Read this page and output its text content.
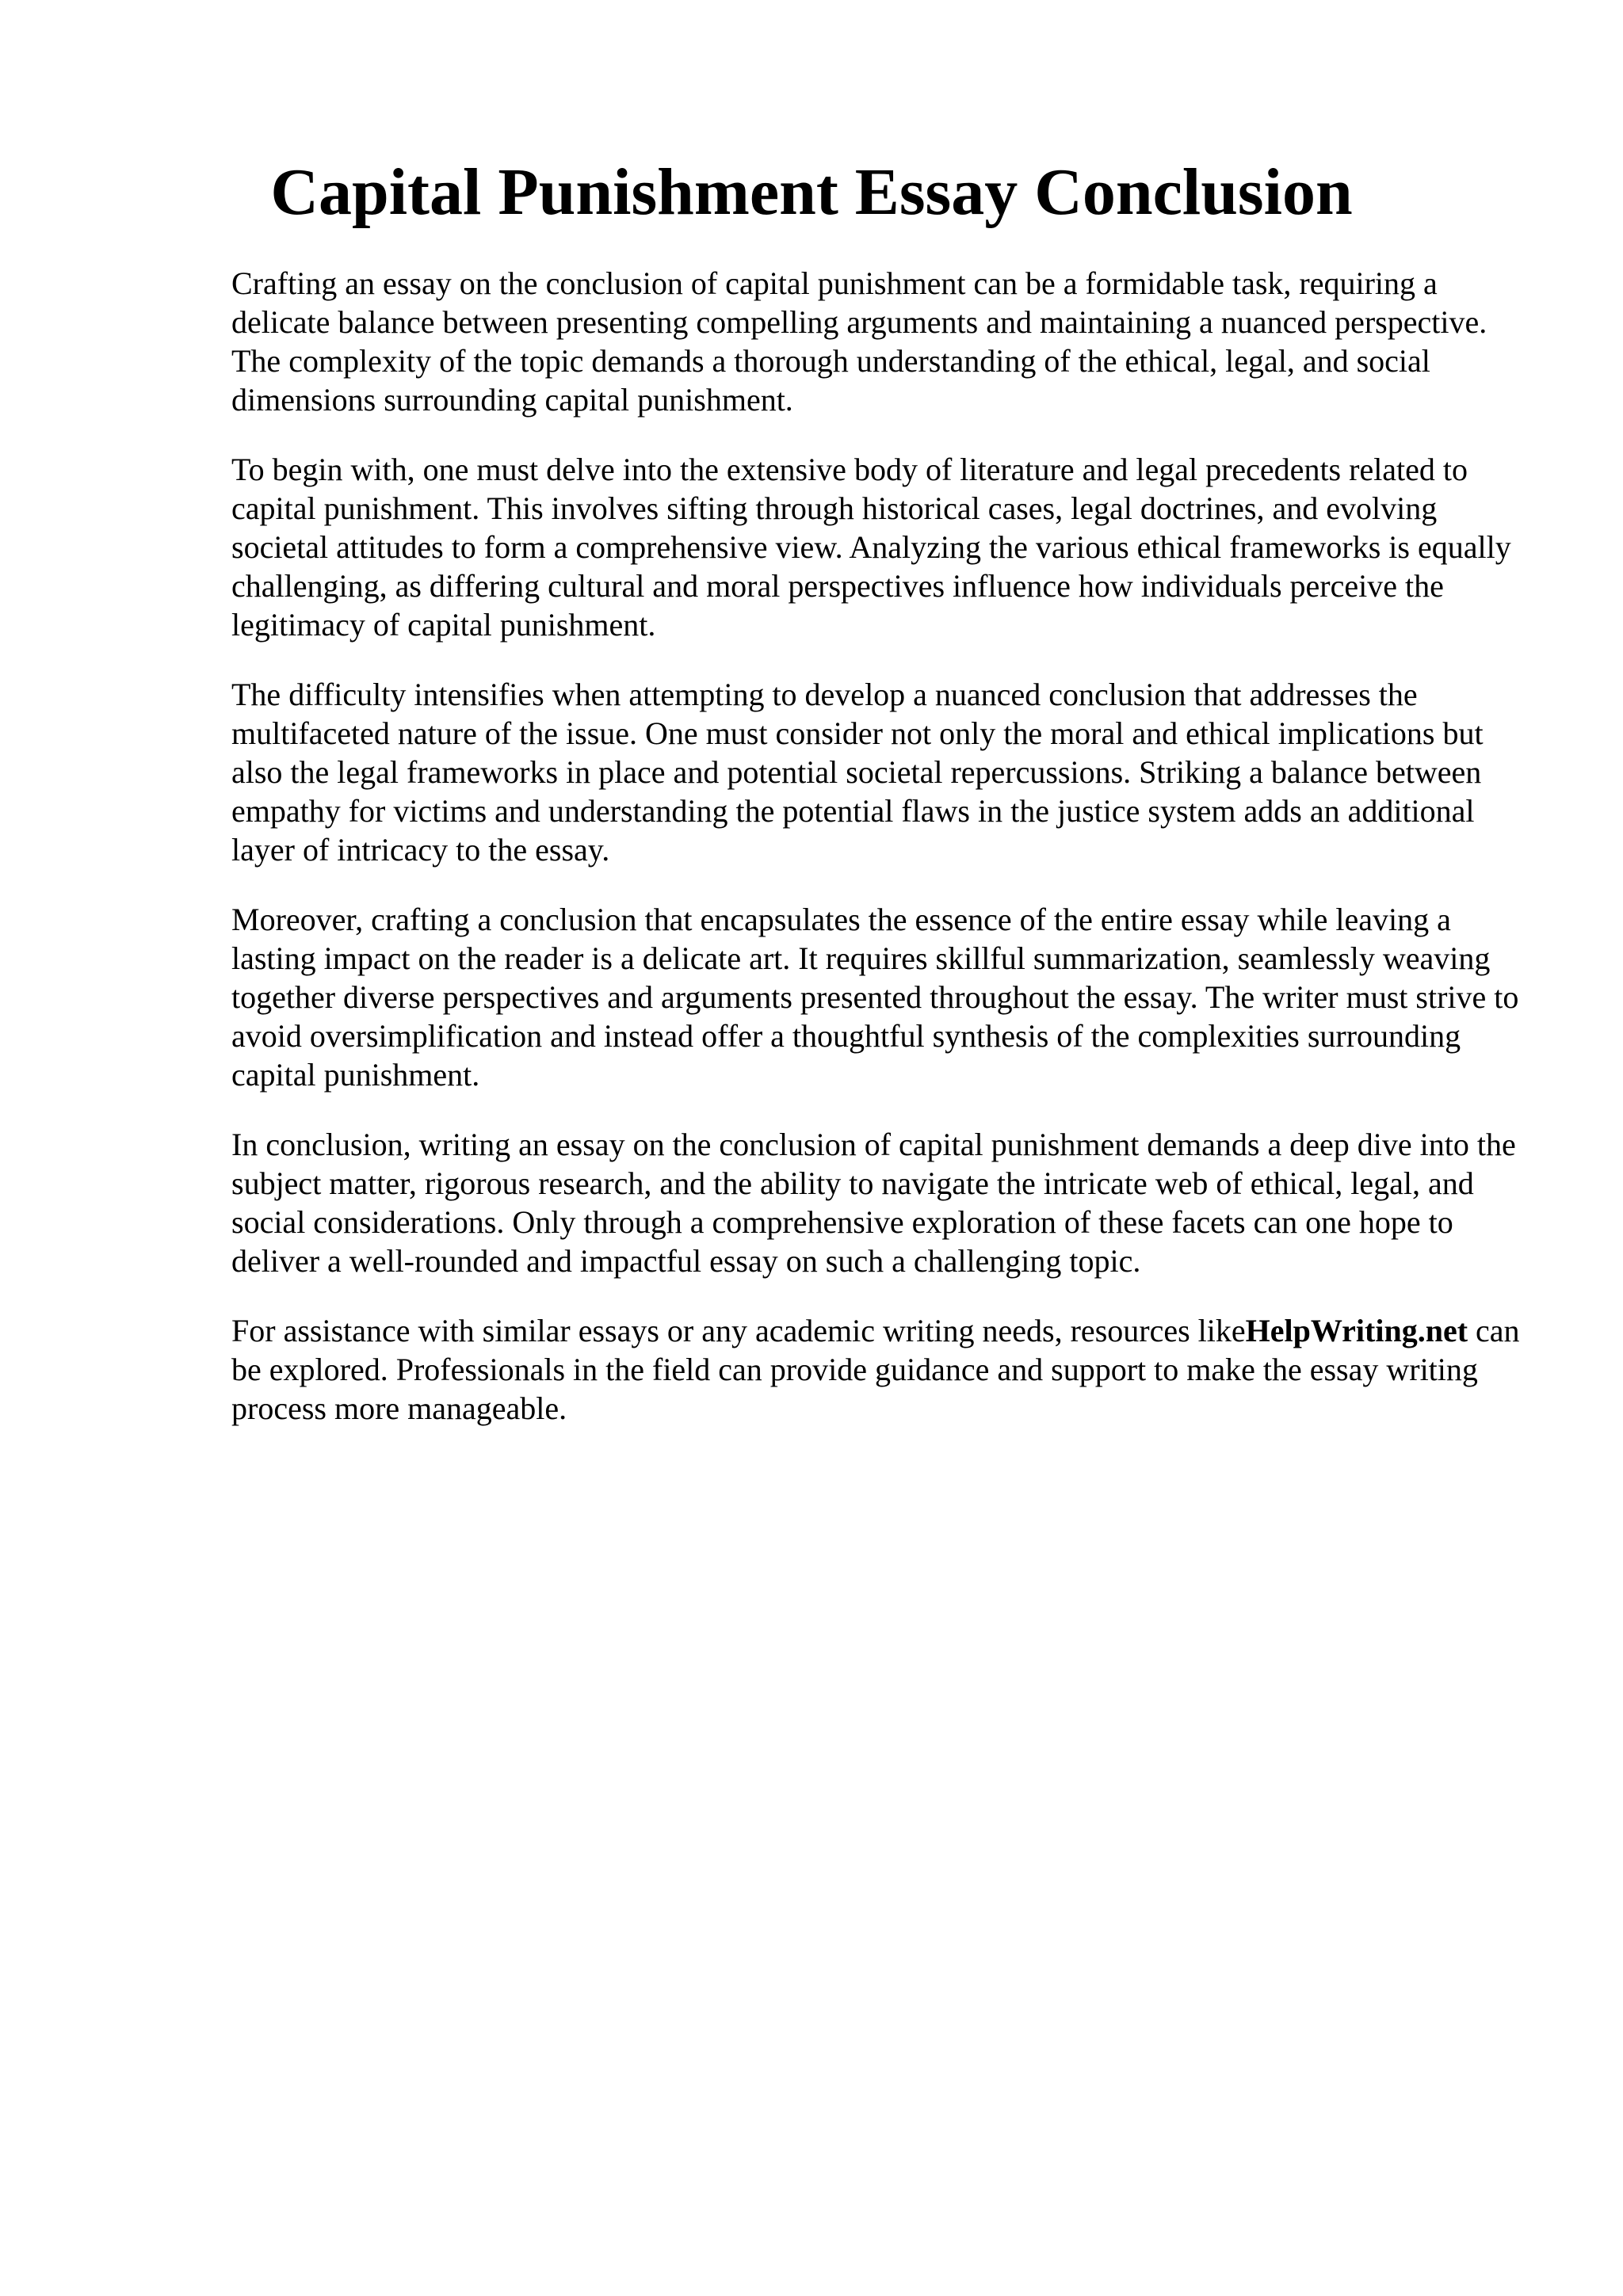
Capital Punishment Essay Conclusion

Crafting an essay on the conclusion of capital punishment can be a formidable task, requiring a delicate balance between presenting compelling arguments and maintaining a nuanced perspective. The complexity of the topic demands a thorough understanding of the ethical, legal, and social dimensions surrounding capital punishment.

To begin with, one must delve into the extensive body of literature and legal precedents related to capital punishment. This involves sifting through historical cases, legal doctrines, and evolving societal attitudes to form a comprehensive view. Analyzing the various ethical frameworks is equally challenging, as differing cultural and moral perspectives influence how individuals perceive the legitimacy of capital punishment.

The difficulty intensifies when attempting to develop a nuanced conclusion that addresses the multifaceted nature of the issue. One must consider not only the moral and ethical implications but also the legal frameworks in place and potential societal repercussions. Striking a balance between empathy for victims and understanding the potential flaws in the justice system adds an additional layer of intricacy to the essay.

Moreover, crafting a conclusion that encapsulates the essence of the entire essay while leaving a lasting impact on the reader is a delicate art. It requires skillful summarization, seamlessly weaving together diverse perspectives and arguments presented throughout the essay. The writer must strive to avoid oversimplification and instead offer a thoughtful synthesis of the complexities surrounding capital punishment.

In conclusion, writing an essay on the conclusion of capital punishment demands a deep dive into the subject matter, rigorous research, and the ability to navigate the intricate web of ethical, legal, and social considerations. Only through a comprehensive exploration of these facets can one hope to deliver a well-rounded and impactful essay on such a challenging topic.

For assistance with similar essays or any academic writing needs, resources likeHelpWriting.net can be explored. Professionals in the field can provide guidance and support to make the essay writing process more manageable.
